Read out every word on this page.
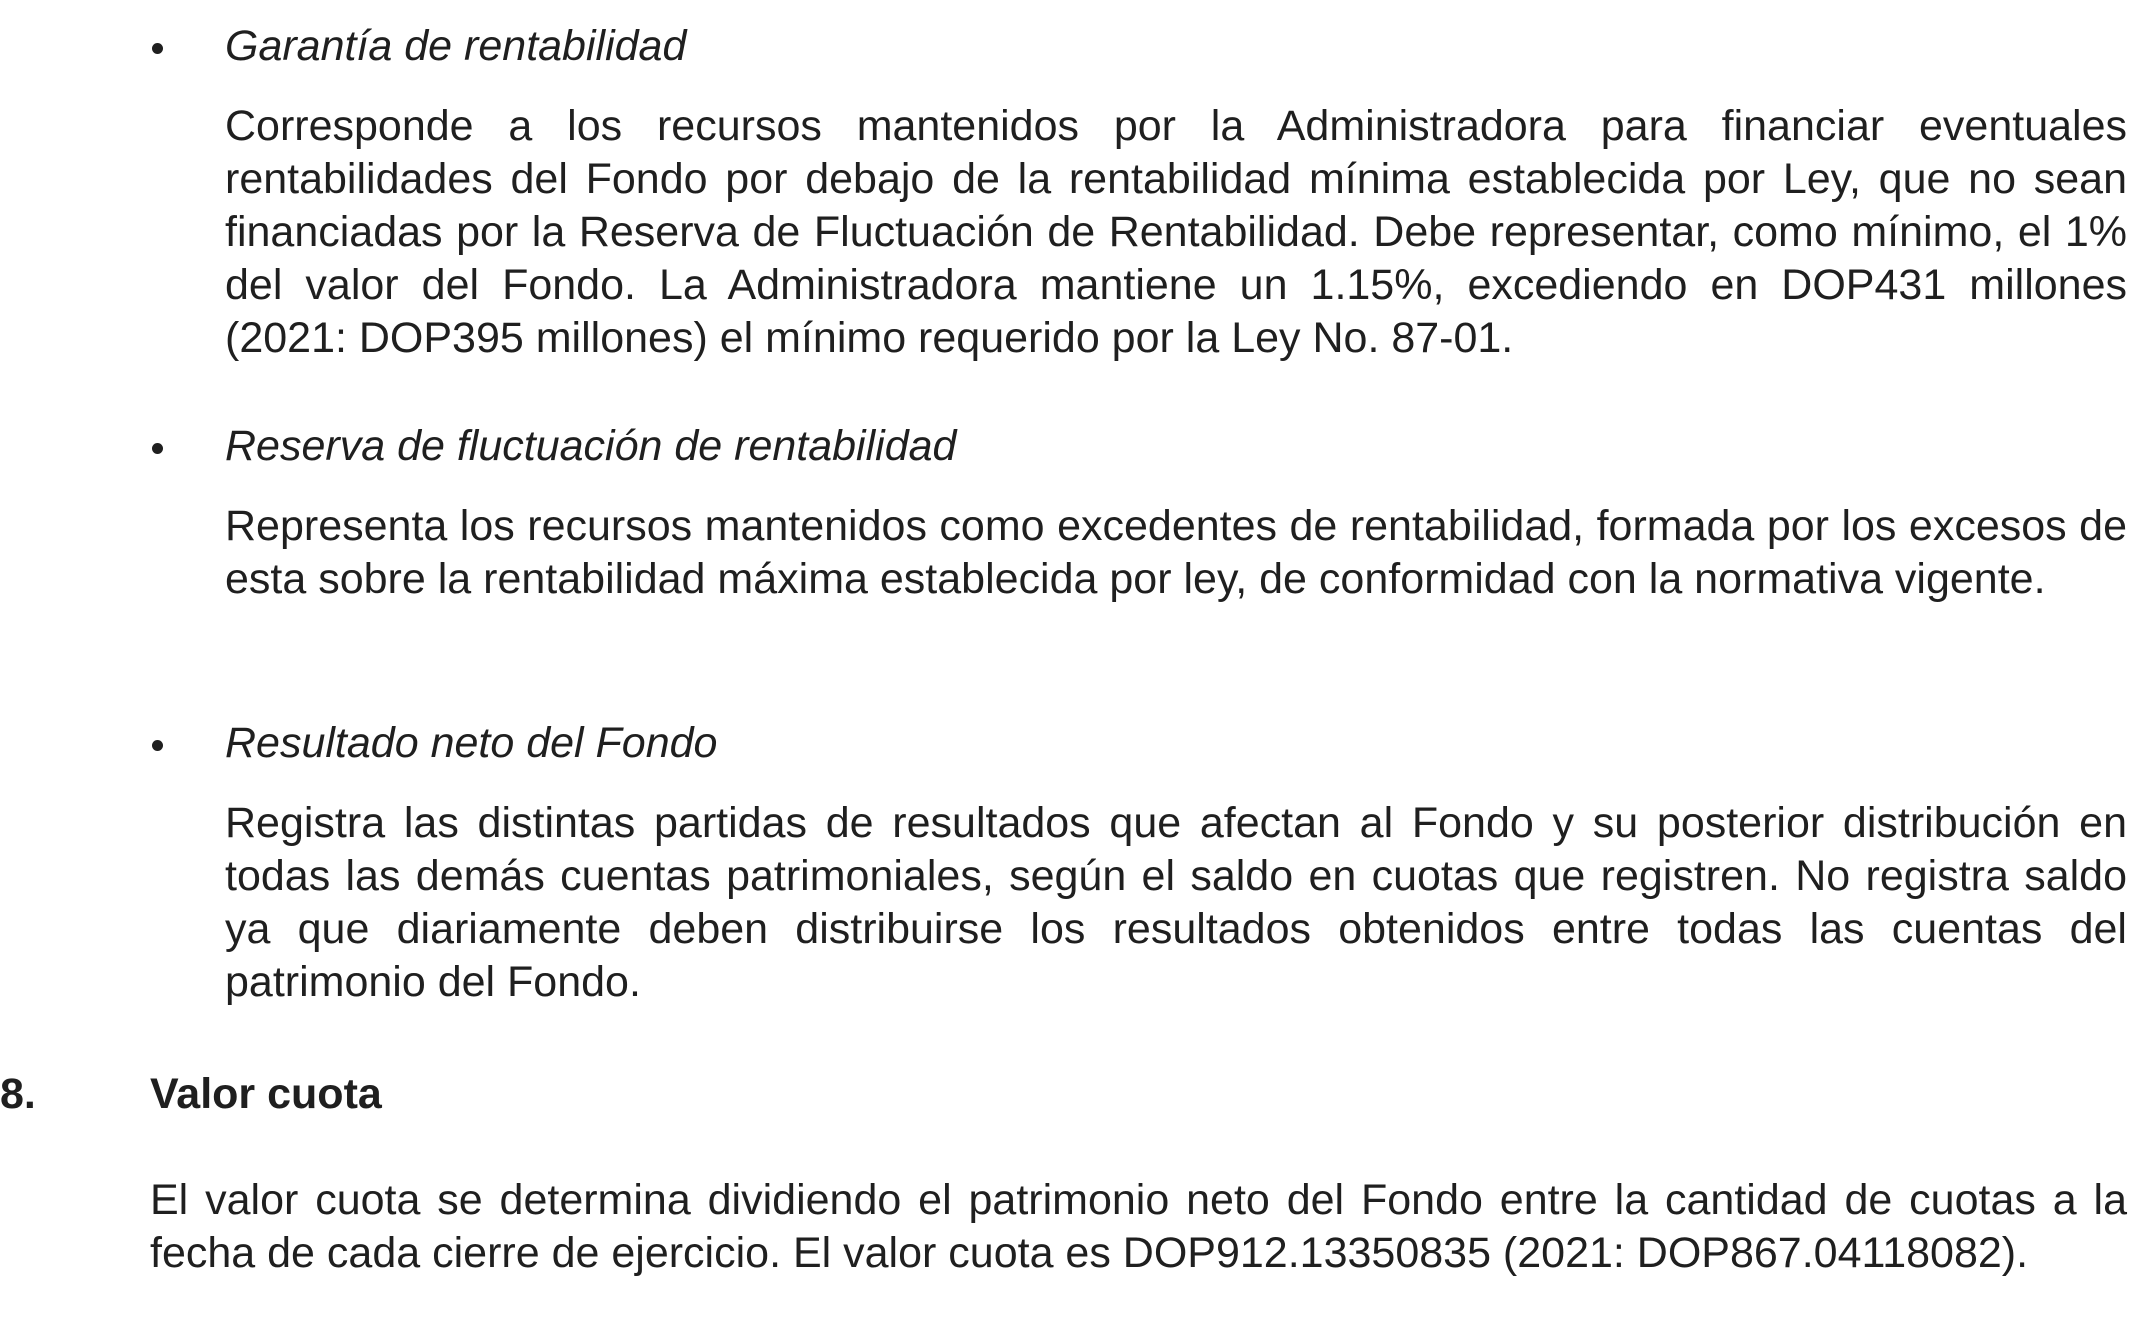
Garantía de rentabilidad
Corresponde a los recursos mantenidos por la Administradora para financiar eventuales rentabilidades del Fondo por debajo de la rentabilidad mínima establecida por Ley, que no sean financiadas por la Reserva de Fluctuación de Rentabilidad. Debe representar, como mínimo, el 1% del valor del Fondo. La Administradora mantiene un 1.15%, excediendo en DOP431 millones (2021: DOP395 millones) el mínimo requerido por la Ley No. 87-01.
Reserva de fluctuación de rentabilidad
Representa los recursos mantenidos como excedentes de rentabilidad, formada por los excesos de esta sobre la rentabilidad máxima establecida por ley, de conformidad con la normativa vigente.
Resultado neto del Fondo
Registra las distintas partidas de resultados que afectan al Fondo y su posterior distribución en todas las demás cuentas patrimoniales, según el saldo en cuotas que registren. No registra saldo ya que diariamente deben distribuirse los resultados obtenidos entre todas las cuentas del patrimonio del Fondo.
8.	Valor cuota
El valor cuota se determina dividiendo el patrimonio neto del Fondo entre la cantidad de cuotas a la fecha de cada cierre de ejercicio. El valor cuota es DOP912.13350835 (2021: DOP867.04118082).
